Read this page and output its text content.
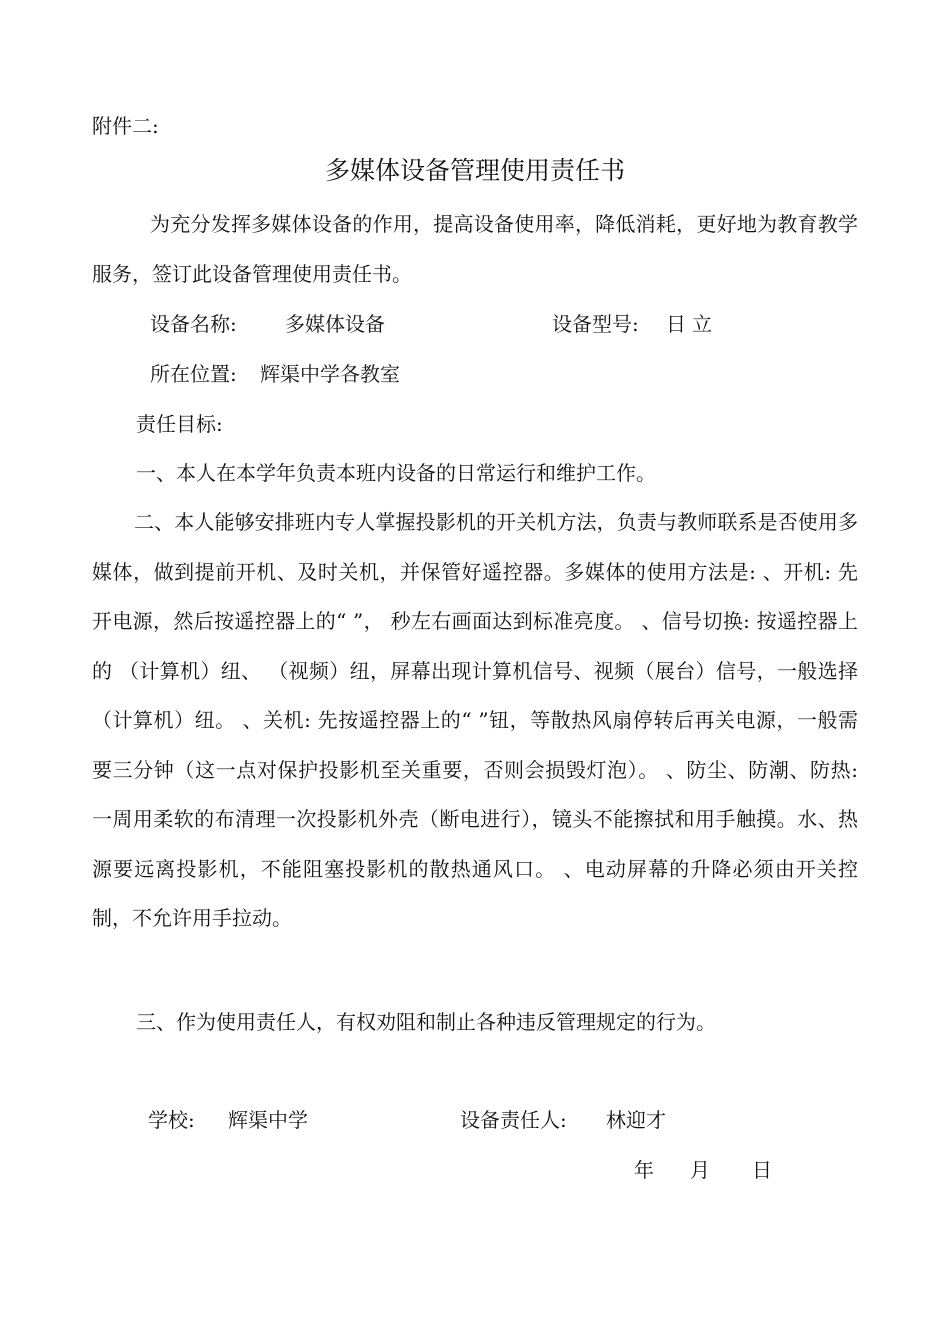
附件二:
多媒体设备管理使用责任书
为充分发挥多媒体设备的作用，提高设备使用率，降低消耗，更好地为教育教学服务，签订此设备管理使用责任书。
设备名称: 多媒体设备	设备型号: 日立
所在位置: 辉渠中学各教室
责任目标:
一、本人在本学年负责本班内设备的日常运行和维护工作。
二、本人能够安排班内专人掌握投影机的开关机方法，负责与教师联系是否使用多媒体，做到提前开机、及时关机，并保管好遥控器。多媒体的使用方法是: 、开机: 先开电源，然后按遥控器上的“ ”， 秒左右画面达到标准亮度。 、信号切换: 按遥控器上的 （计算机）纽、 （视频）纽，屏幕出现计算机信号、视频（展台）信号，一般选择 （计算机）纽。 、关机: 先按遥控器上的“ ”钮，等散热风扇停转后再关电源，一般需要三分钟（这一点对保护投影机至关重要，否则会损毁灯泡）。 、防尘、防潮、防热: 一周用柔软的布清理一次投影机外壳（断电进行），镜头不能擦拭和用手触摸。水、热源要远离投影机，不能阻塞投影机的散热通风口。 、电动屏幕的升降必须由开关控制，不允许用手拉动。
三、作为使用责任人，有权劝阻和制止各种违反管理规定的行为。
学校: 辉渠中学	设备责任人: 林迎才
年 月 日
